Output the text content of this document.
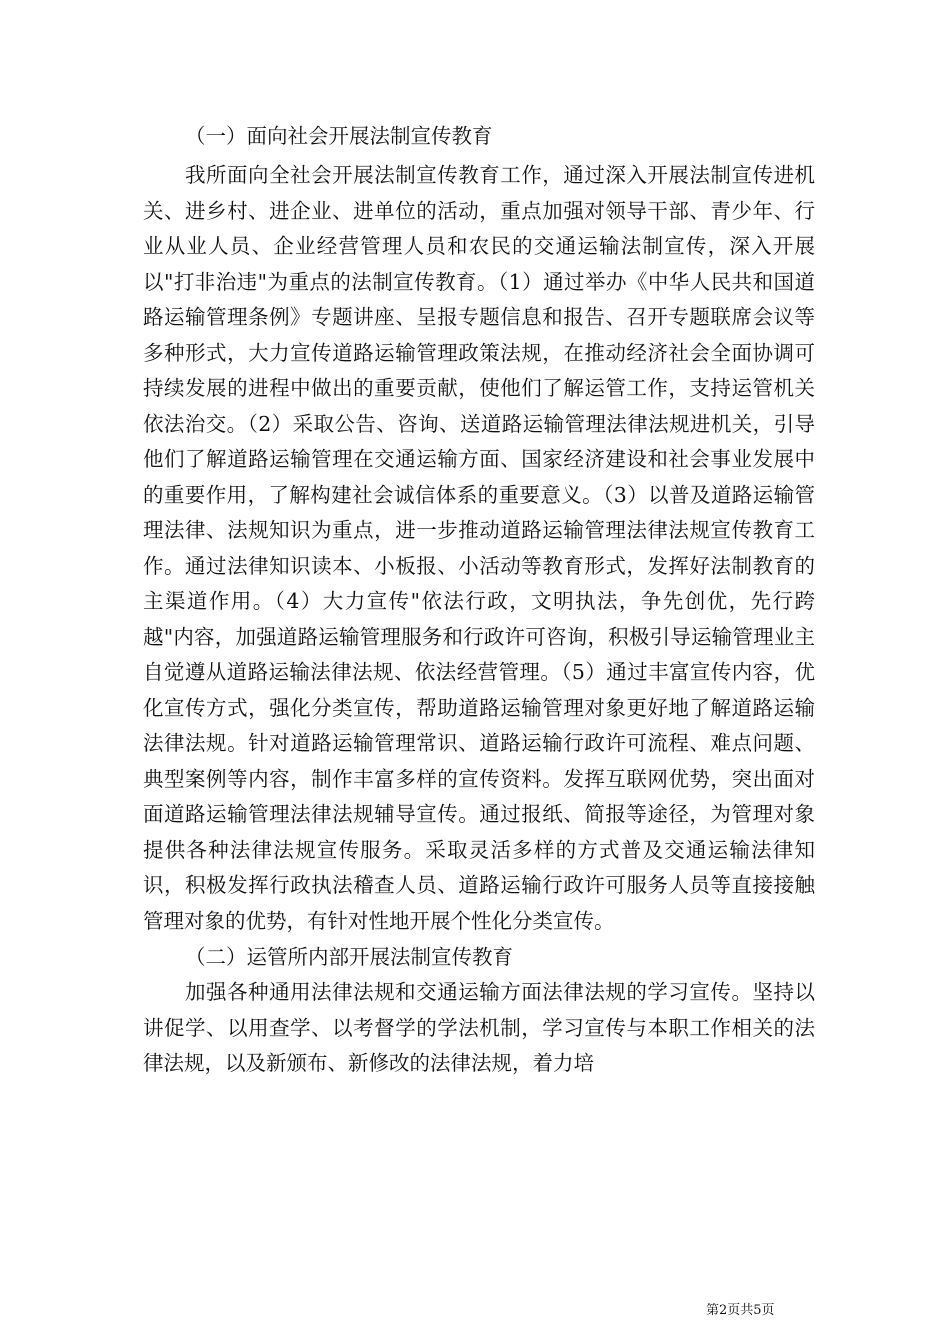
（一）面向社会开展法制宣传教育

我所面向全社会开展法制宣传教育工作，通过深入开展法制宣传进机关、进乡村、进企业、进单位的活动，重点加强对领导干部、青少年、行业从业人员、企业经营管理人员和农民的交通运输法制宣传，深入开展以"打非治违"为重点的法制宣传教育。（1）通过举办《中华人民共和国道路运输管理条例》专题讲座、呈报专题信息和报告、召开专题联席会议等多种形式，大力宣传道路运输管理政策法规，在推动经济社会全面协调可持续发展的进程中做出的重要贡献，使他们了解运管工作，支持运管机关依法治交。（2）采取公告、咨询、送道路运输管理法律法规进机关，引导他们了解道路运输管理在交通运输方面、国家经济建设和社会事业发展中的重要作用，了解构建社会诚信体系的重要意义。（3）以普及道路运输管理法律、法规知识为重点，进一步推动道路运输管理法律法规宣传教育工作。通过法律知识读本、小板报、小活动等教育形式，发挥好法制教育的主渠道作用。（4）大力宣传"依法行政，文明执法，争先创优，先行跨越"内容，加强道路运输管理服务和行政许可咨询，积极引导运输管理业主自觉遵从道路运输法律法规、依法经营管理。（5）通过丰富宣传内容，优化宣传方式，强化分类宣传，帮助道路运输管理对象更好地了解道路运输法律法规。针对道路运输管理常识、道路运输行政许可流程、难点问题、典型案例等内容，制作丰富多样的宣传资料。发挥互联网优势，突出面对面道路运输管理法律法规辅导宣传。通过报纸、简报等途径，为管理对象提供各种法律法规宣传服务。采取灵活多样的方式普及交通运输法律知识，积极发挥行政执法稽查人员、道路运输行政许可服务人员等直接接触管理对象的优势，有针对性地开展个性化分类宣传。

（二）运管所内部开展法制宣传教育

加强各种通用法律法规和交通运输方面法律法规的学习宣传。坚持以讲促学、以用查学、以考督学的学法机制，学习宣传与本职工作相关的法律法规，以及新颁布、新修改的法律法规，着力培

第2页共5页
